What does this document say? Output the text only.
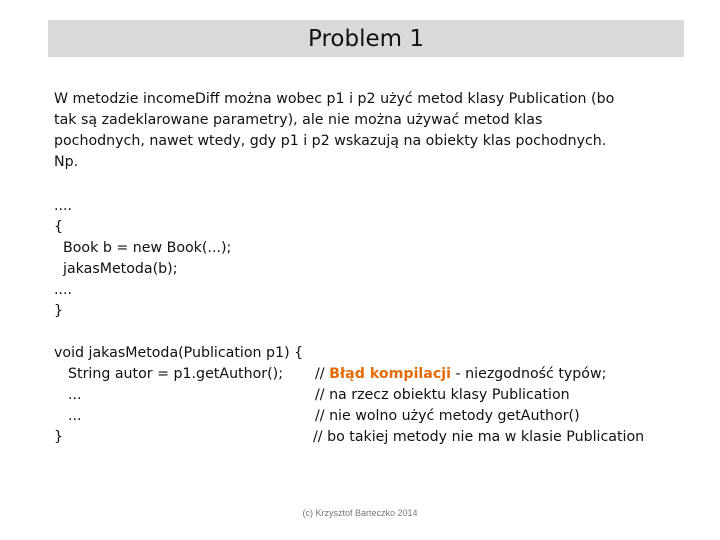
Problem 1
W metodzie incomeDiff można wobec p1 i p2 użyć metod klasy Publication (bo
tak są zadeklarowane parametry), ale nie można używać metod klas
pochodnych, nawet wtedy, gdy p1 i p2 wskazują na obiekty klas pochodnych.
Np.
....
{
Book b = new Book(...);
jakasMetoda(b);
....
}
void jakasMetoda(Publication p1) {
String autor = p1.getAuthor(); // Błąd kompilacji - niezgodność typów;
...	// na rzecz obiektu klasy Publication
...	// nie wolno użyć metody getAuthor()
}	// bo takiej metody nie ma w klasie Publication
(c) Krzysztof Barteczko 2014
